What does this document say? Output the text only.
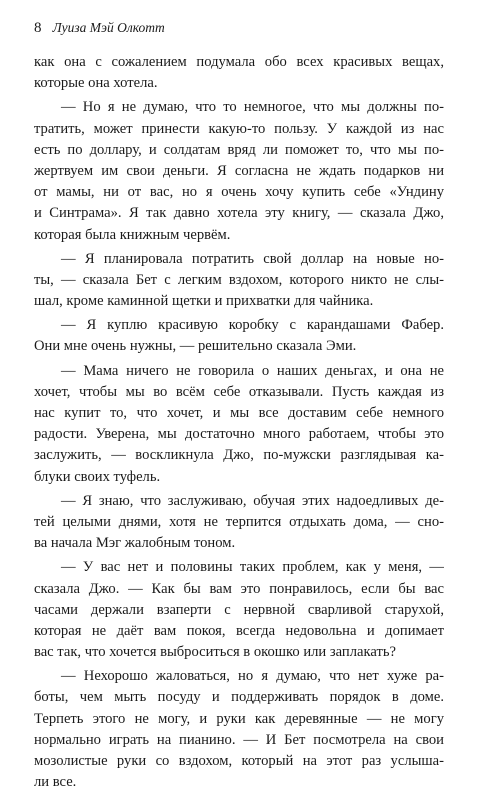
8 Луиза Мэй Олкотт
как она с сожалением подумала обо всех красивых вещах,
которые она хотела.
— Но я не думаю, что то немногое, что мы должны по-
тратить, может принести какую-то пользу. У каждой из нас
есть по доллару, и солдатам вряд ли поможет то, что мы по-
жертвуем им свои деньги. Я согласна не ждать подарков ни
от мамы, ни от вас, но я очень хочу купить себе «Ундину
и Синтрама». Я так давно хотела эту книгу, — сказала Джо,
которая была книжным червём.
— Я планировала потратить свой доллар на новые но-
ты, — сказала Бет с легким вздохом, которого никто не слы-
шал, кроме каминной щетки и прихватки для чайника.
— Я куплю красивую коробку с карандашами Фабер.
Они мне очень нужны, — решительно сказала Эми.
— Мама ничего не говорила о наших деньгах, и она не
хочет, чтобы мы во всём себе отказывали. Пусть каждая из
нас купит то, что хочет, и мы все доставим себе немного
радости. Уверена, мы достаточно много работаем, чтобы это
заслужить, — воскликнула Джо, по-мужски разглядывая ка-
блуки своих туфель.
— Я знаю, что заслуживаю, обучая этих надоедливых де-
тей целыми днями, хотя не терпится отдыхать дома, — сно-
ва начала Мэг жалобным тоном.
— У вас нет и половины таких проблем, как у меня, —
сказала Джо. — Как бы вам это понравилось, если бы вас
часами держали взаперти с нервной сварливой старухой,
которая не даёт вам покоя, всегда недовольна и допимает
вас так, что хочется выброситься в окошко или заплакать?
— Нехорошо жаловаться, но я думаю, что нет хуже ра-
боты, чем мыть посуду и поддерживать порядок в доме.
Терпеть этого не могу, и руки как деревянные — не могу
нормально играть на пианино. — И Бет посмотрела на свои
мозолистые руки со вздохом, который на этот раз услыша-
ли все.
